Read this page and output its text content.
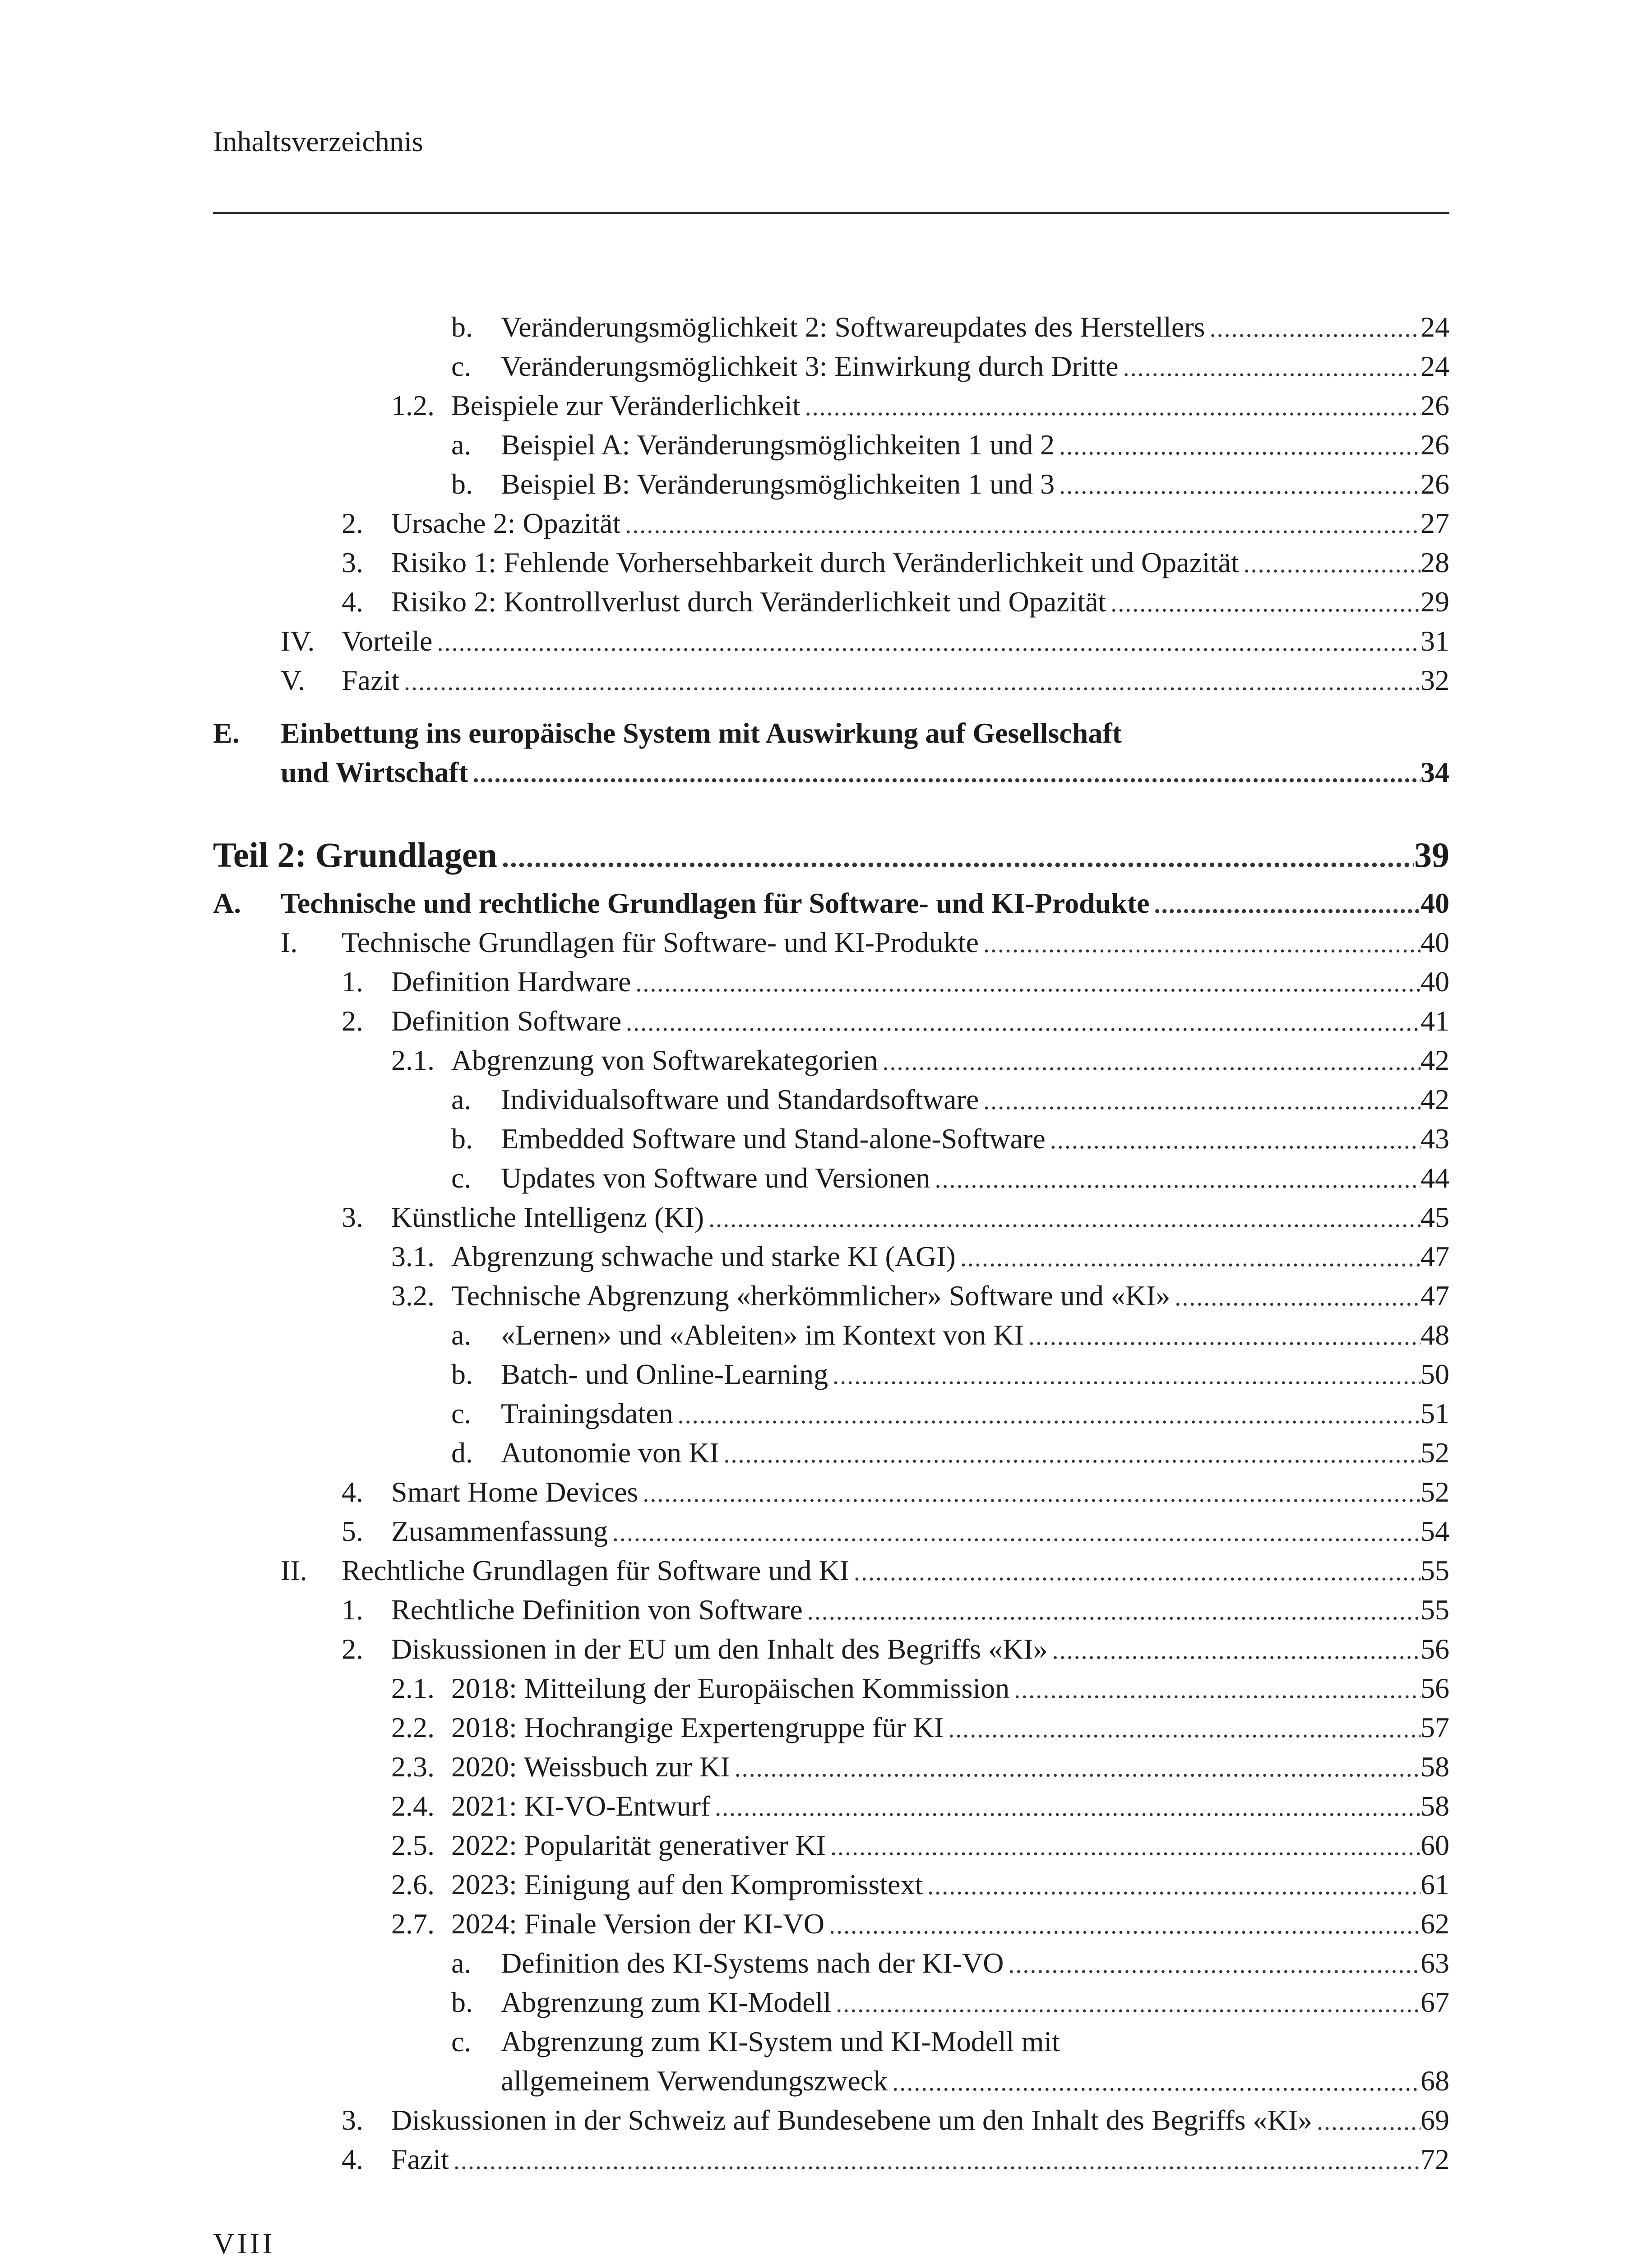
Inhaltsverzeichnis
b. Veränderungsmöglichkeit 2: Softwareupdates des Herstellers .....	24
c. Veränderungsmöglichkeit 3: Einwirkung durch Dritte .....	24
1.2. Beispiele zur Veränderlichkeit .....	26
a. Beispiel A: Veränderungsmöglichkeiten 1 und 2 .....	26
b. Beispiel B: Veränderungsmöglichkeiten 1 und 3 .....	26
2. Ursache 2: Opazität .....	27
3. Risiko 1: Fehlende Vorhersehbarkeit durch Veränderlichkeit und Opazität .....	28
4. Risiko 2: Kontrollverlust durch Veränderlichkeit und Opazität .....	29
IV. Vorteile .....	31
V. Fazit .....	32
E. Einbettung ins europäische System mit Auswirkung auf Gesellschaft
und Wirtschaft .....	34
Teil 2: Grundlagen .....	39
A. Technische und rechtliche Grundlagen für Software- und KI-Produkte .....	40
I. Technische Grundlagen für Software- und KI-Produkte .....	40
1. Definition Hardware .....	40
2. Definition Software .....	41
2.1. Abgrenzung von Softwarekategorien .....	42
a. Individualsoftware und Standardsoftware .....	42
b. Embedded Software und Stand-alone-Software .....	43
c. Updates von Software und Versionen .....	44
3. Künstliche Intelligenz (KI) .....	45
3.1. Abgrenzung schwache und starke KI (AGI) .....	47
3.2. Technische Abgrenzung «herkömmlicher» Software und «KI» .....	47
a. «Lernen» und «Ableiten» im Kontext von KI .....	48
b. Batch- und Online-Learning .....	50
c. Trainingsdaten .....	51
d. Autonomie von KI .....	52
4. Smart Home Devices .....	52
5. Zusammenfassung .....	54
II. Rechtliche Grundlagen für Software und KI .....	55
1. Rechtliche Definition von Software .....	55
2. Diskussionen in der EU um den Inhalt des Begriffs «KI» .....	56
2.1. 2018: Mitteilung der Europäischen Kommission .....	56
2.2. 2018: Hochrangige Expertengruppe für KI .....	57
2.3. 2020: Weissbuch zur KI .....	58
2.4. 2021: KI-VO-Entwurf .....	58
2.5. 2022: Popularität generativer KI .....	60
2.6. 2023: Einigung auf den Kompromisstext .....	61
2.7. 2024: Finale Version der KI-VO .....	62
a. Definition des KI-Systems nach der KI-VO .....	63
b. Abgrenzung zum KI-Modell .....	67
c. Abgrenzung zum KI-System und KI-Modell mit
allgemeinem Verwendungszweck .....	68
3. Diskussionen in der Schweiz auf Bundesebene um den Inhalt des Begriffs «KI» .....	69
4. Fazit .....	72
VIII
